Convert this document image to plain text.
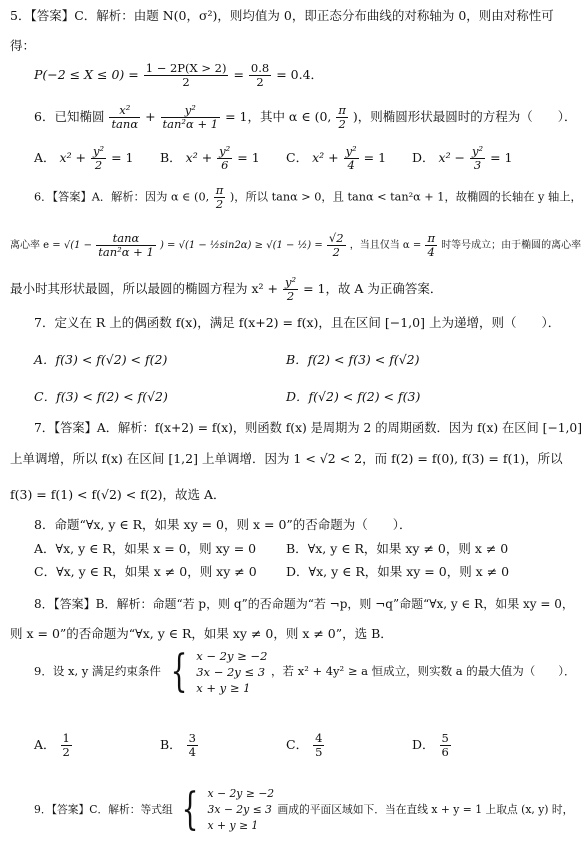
5．【答案】C．解析：由题 N(0，σ²)，则均值为 0，即正态分布曲线的对称轴为 0，则由对称性可
得：
$P(-2 \le X \le 0) = \frac{1 - 2P(X > 2)}{2} = \frac{0.8}{2} = 0.4$．
6．已知椭圆 $\frac{\text{x²}}{\tan\alpha} + \frac{\text{y²}}{\text{tan²α + 1}} = 1$，其中 α ∈ (0, $\frac{\pi}{2}$ )，则椭圆形状最圆时的方程为（　　）．
A． $x^2 + \frac{\text{y²}}{2} = 1$ B． $x^2 + \frac{\text{y²}}{6} = 1$ C． $x^2 + \frac{\text{y²}}{4} = 1$ D． $x^2 - \frac{\text{y²}}{3} = 1$
6．【答案】A．解析：因为 α ∈ (0, $\frac{\pi}{2}$ )，所以 tanα > 0，且 tanα < tan²α + 1，故椭圆的长轴在 y 轴上，
离心率 $e = √(1 - \frac{\tan\alpha}{\text{tan²α + 1}}$ ) = √(1 − ½sin2α) ≥ √(1 − ½) = $\frac{√2}{2}$ ，当且仅当 $\alpha = \frac{\pi}{4}$ 时等号成立；由于椭圆的离心率
最小时其形状最圆，所以最圆的椭圆方程为 $x^2 + \frac{\text{y²}}{2} = 1$，故 A 为正确答案．
7．定义在 R 上的偶函数 f(x)，满足 f(x+2) = f(x)，且在区间 [−1,0] 上为递增，则（　　）．
A．f(3) < f(√2) < f(2)	B．f(2) < f(3) < f(√2)
C．f(3) < f(2) < f(√2)	D．f(√2) < f(2) < f(3)
7．【答案】A．解析：f(x+2) = f(x)，则函数 f(x) 是周期为 2 的周期函数．因为 f(x) 在区间 [−1,0]
上单调增，所以 f(x) 在区间 [1,2] 上单调增．因为 1 < √2 < 2，而 f(2) = f(0), f(3) = f(1)，所以
f(3) = f(1) < f(√2) < f(2)，故选 A．
8．命题“∀x, y ∈ R，如果 xy = 0，则 x = 0”的否命题为（　　）．
A．∀x, y ∈ R，如果 x = 0，则 xy = 0 B．∀x, y ∈ R，如果 xy ≠ 0，则 x ≠ 0
C．∀x, y ∈ R，如果 x ≠ 0，则 xy ≠ 0 D．∀x, y ∈ R，如果 xy = 0，则 x ≠ 0
8．【答案】B．解析：命题“若 p，则 q”的否命题为“若 ¬p，则 ¬q”命题“∀x, y ∈ R，如果 xy = 0，
则 x = 0”的否命题为“∀x, y ∈ R，如果 xy ≠ 0，则 x ≠ 0”，选 B．
9．设 x, y 满足约束条件 { x − 2y ≥ −2
3x − 2y ≤ 3
x + y ≥ 1
，若 x² + 4y² ≥ a 恒成立，则实数 a 的最大值为（　　）．
A． $\frac{1}{2}$	B． $\frac{3}{4}$	C． $\frac{4}{5}$	D． $\frac{5}{6}$
9．【答案】C．解析：等式组 { x − 2y ≥ −2
3x − 2y ≤ 3
x + y ≥ 1
画成的平面区域如下．当在直线 x + y = 1 上取点 (x, y) 时，
